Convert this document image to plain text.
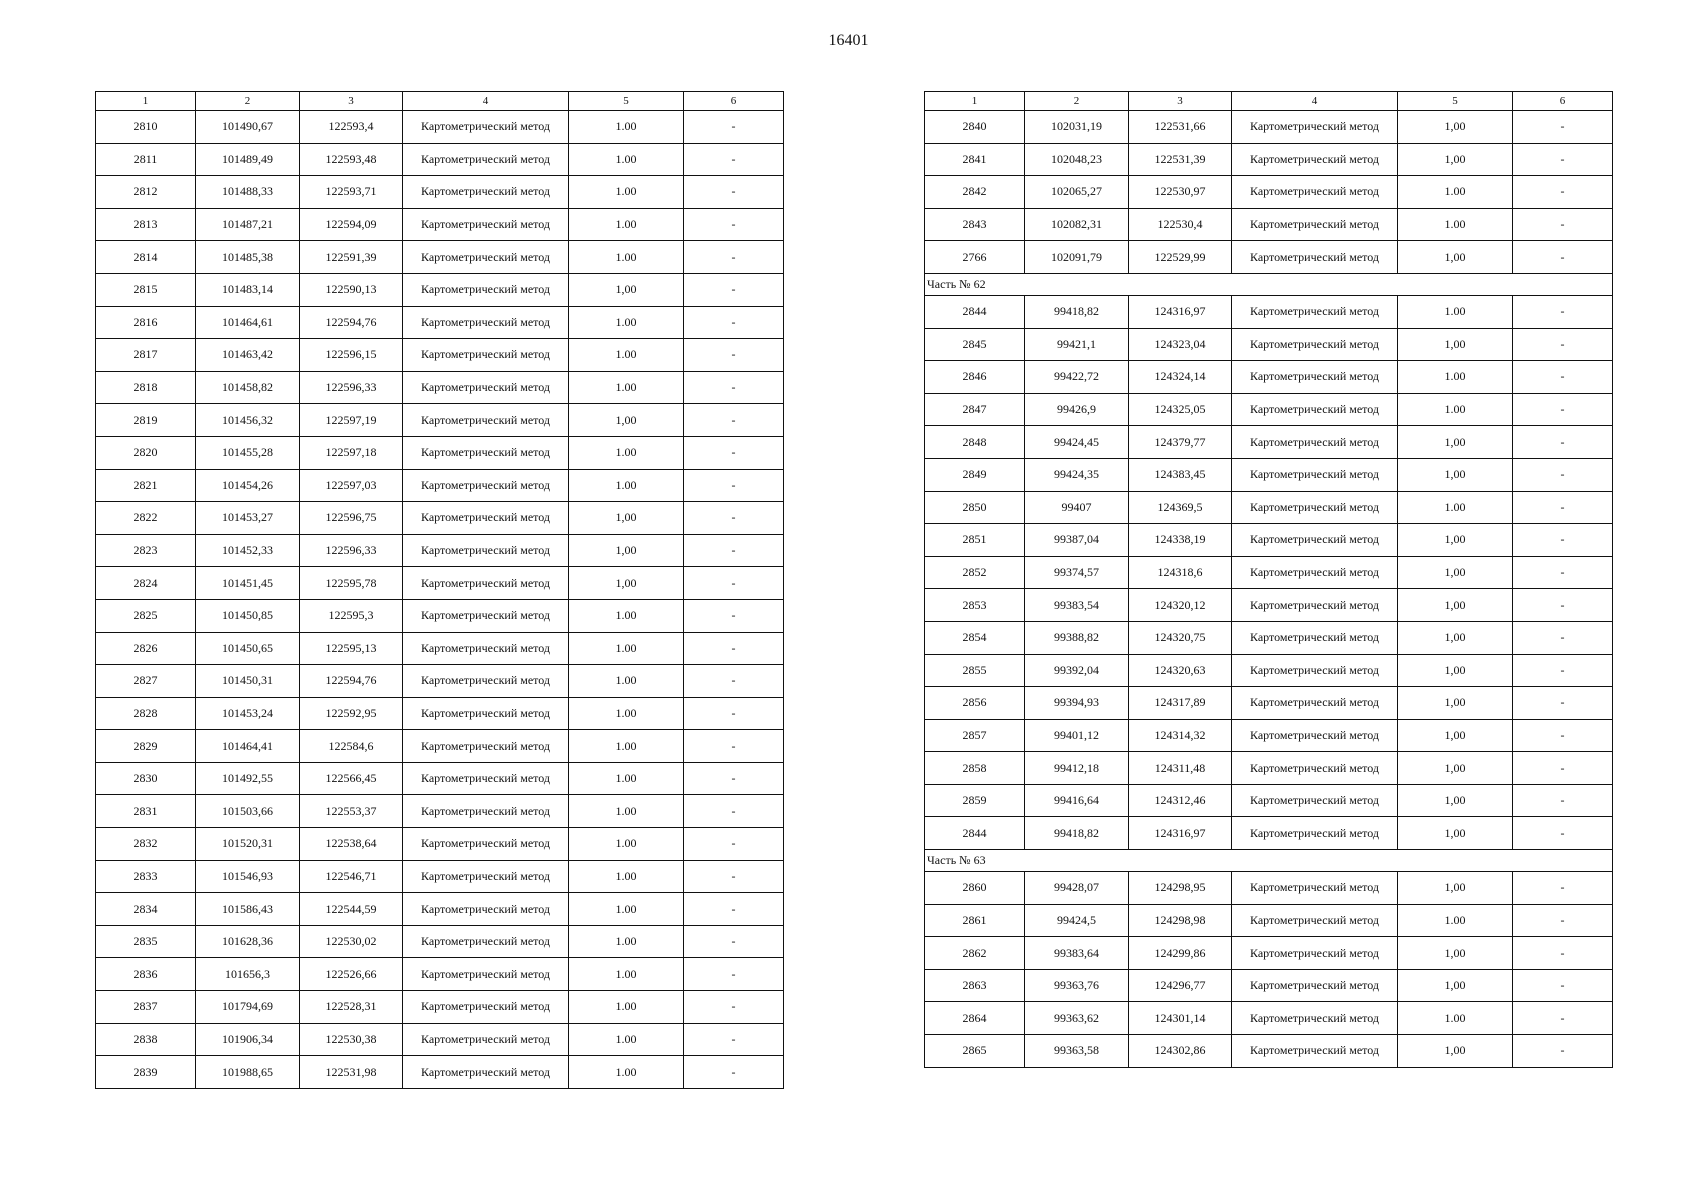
16401
1	2	3	4	5	6
2810	101490,67	122593,4	Картометрический метод	1.00	-
2811	101489,49	122593,48	Картометрический метод	1.00	-
2812	101488,33	122593,71	Картометрический метод	1.00	-
2813	101487,21	122594,09	Картометрический метод	1.00	-
2814	101485,38	122591,39	Картометрический метод	1.00	-
2815	101483,14	122590,13	Картометрический метод	1,00	-
2816	101464,61	122594,76	Картометрический метод	1.00	-
2817	101463,42	122596,15	Картометрический метод	1.00	-
2818	101458,82	122596,33	Картометрический метод	1.00	-
2819	101456,32	122597,19	Картометрический метод	1,00	-
2820	101455,28	122597,18	Картометрический метод	1.00	-
2821	101454,26	122597,03	Картометрический метод	1.00	-
2822	101453,27	122596,75	Картометрический метод	1,00	-
2823	101452,33	122596,33	Картометрический метод	1,00	-
2824	101451,45	122595,78	Картометрический метод	1,00	-
2825	101450,85	122595,3	Картометрический метод	1.00	-
2826	101450,65	122595,13	Картометрический метод	1.00	-
2827	101450,31	122594,76	Картометрический метод	1.00	-
2828	101453,24	122592,95	Картометрический метод	1.00	-
2829	101464,41	122584,6	Картометрический метод	1.00	-
2830	101492,55	122566,45	Картометрический метод	1.00	-
2831	101503,66	122553,37	Картометрический метод	1.00	-
2832	101520,31	122538,64	Картометрический метод	1.00	-
2833	101546,93	122546,71	Картометрический метод	1.00	-
2834	101586,43	122544,59	Картометрический метод	1.00	-
2835	101628,36	122530,02	Картометрический метод	1.00	-
2836	101656,3	122526,66	Картометрический метод	1.00	-
2837	101794,69	122528,31	Картометрический метод	1.00	-
2838	101906,34	122530,38	Картометрический метод	1.00	-
2839	101988,65	122531,98	Картометрический метод	1.00	-
1	2	3	4	5	6
2840	102031,19	122531,66	Картометрический метод	1,00	-
2841	102048,23	122531,39	Картометрический метод	1,00	-
2842	102065,27	122530,97	Картометрический метод	1.00	-
2843	102082,31	122530,4	Картометрический метод	1.00	-
2766	102091,79	122529,99	Картометрический метод	1,00	-
Часть № 62					
2844	99418,82	124316,97	Картометрический метод	1.00	-
2845	99421,1	124323,04	Картометрический метод	1,00	-
2846	99422,72	124324,14	Картометрический метод	1.00	-
2847	99426,9	124325,05	Картометрический метод	1.00	-
2848	99424,45	124379,77	Картометрический метод	1,00	-
2849	99424,35	124383,45	Картометрический метод	1,00	-
2850	99407	124369,5	Картометрический метод	1.00	-
2851	99387,04	124338,19	Картометрический метод	1,00	-
2852	99374,57	124318,6	Картометрический метод	1,00	-
2853	99383,54	124320,12	Картометрический метод	1,00	-
2854	99388,82	124320,75	Картометрический метод	1,00	-
2855	99392,04	124320,63	Картометрический метод	1,00	-
2856	99394,93	124317,89	Картометрический метод	1,00	-
2857	99401,12	124314,32	Картометрический метод	1,00	-
2858	99412,18	124311,48	Картометрический метод	1,00	-
2859	99416,64	124312,46	Картометрический метод	1,00	-
2844	99418,82	124316,97	Картометрический метод	1,00	-
Часть № 63					
2860	99428,07	124298,95	Картометрический метод	1,00	-
2861	99424,5	124298,98	Картометрический метод	1.00	-
2862	99383,64	124299,86	Картометрический метод	1,00	-
2863	99363,76	124296,77	Картометрический метод	1,00	-
2864	99363,62	124301,14	Картометрический метод	1.00	-
2865	99363,58	124302,86	Картометрический метод	1,00	-
